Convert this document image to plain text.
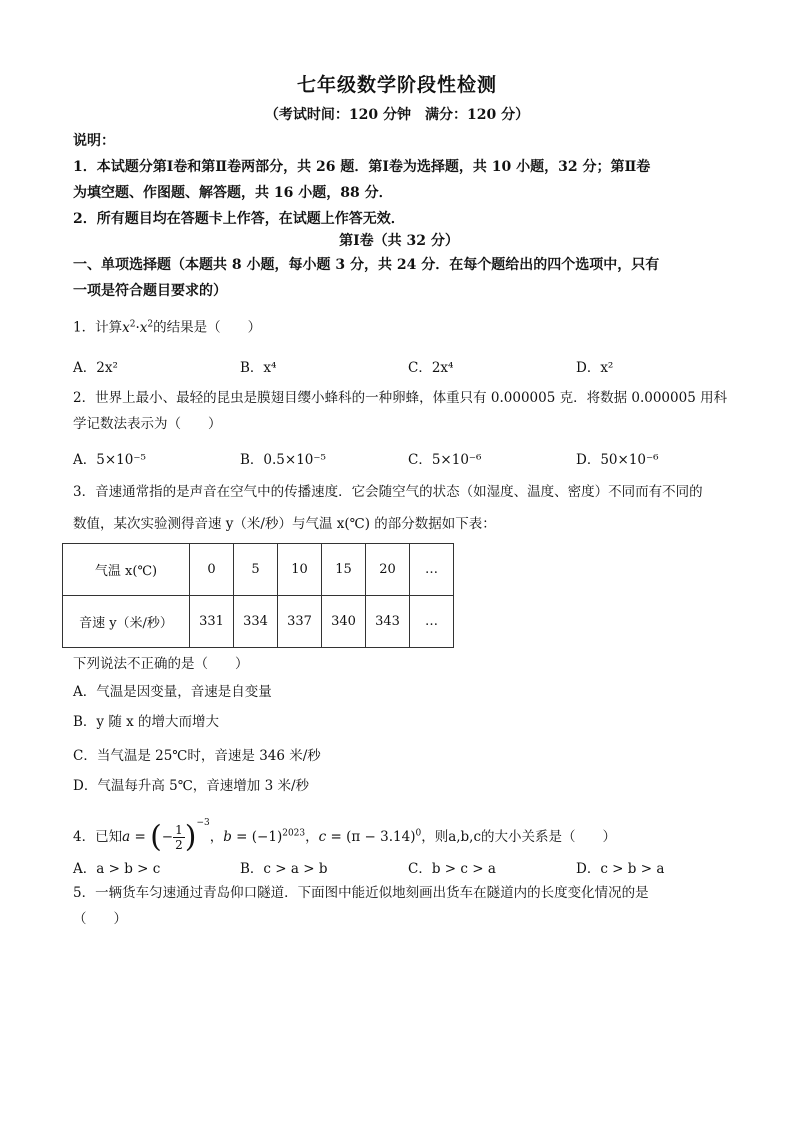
七年级数学阶段性检测
（考试时间：120 分钟　满分：120 分）
说明：
1．本试题分第Ⅰ卷和第Ⅱ卷两部分，共 26 题．第Ⅰ卷为选择题，共 10 小题，32 分；第Ⅱ卷
为填空题、作图题、解答题，共 16 小题，88 分．
2．所有题目均在答题卡上作答，在试题上作答无效．
第Ⅰ卷（共 32 分）
一、单项选择题（本题共 8 小题，每小题 3 分，共 24 分．在每个题给出的四个选项中，只有
一项是符合题目要求的）
1．计算$x^2\cdot x^2$的结果是（　　）
A．2x²	B．x⁴	C．2x⁴	D．x²
2．世界上最小、最轻的昆虫是膜翅目缨小蜂科的一种卵蜂，体重只有 0.000005 克．将数据 0.000005 用科
学记数法表示为（　　）
A．5×10⁻⁵	B．0.5×10⁻⁵	C．5×10⁻⁶	D．50×10⁻⁶
3．音速通常指的是声音在空气中的传播速度．它会随空气的状态（如湿度、温度、密度）不同而有不同的
数值，某次实验测得音速 y（米/秒）与气温 x(℃) 的部分数据如下表：
气温 x(℃)	0	5	10	15	20	…
音速 y（米/秒）	331	334	337	340	343	…
下列说法不正确的是（　　）
A．气温是因变量，音速是自变量
B．y 随 x 的增大而增大
C．当气温是 25℃时，音速是 346 米/秒
D．气温每升高 5℃，音速增加 3 米/秒
4．已知a = (− $\frac{1}{2} )^{-3}$，$b = (-1)^{2023}$，$c = (\pi - 3.14)^0$，则a,b,c的大小关系是（　　）
A．a > b > c	B．c > a > b	C．b > c > a	D．c > b > a
5．一辆货车匀速通过青岛仰口隧道．下面图中能近似地刻画出货车在隧道内的长度变化情况的是
（　　）
